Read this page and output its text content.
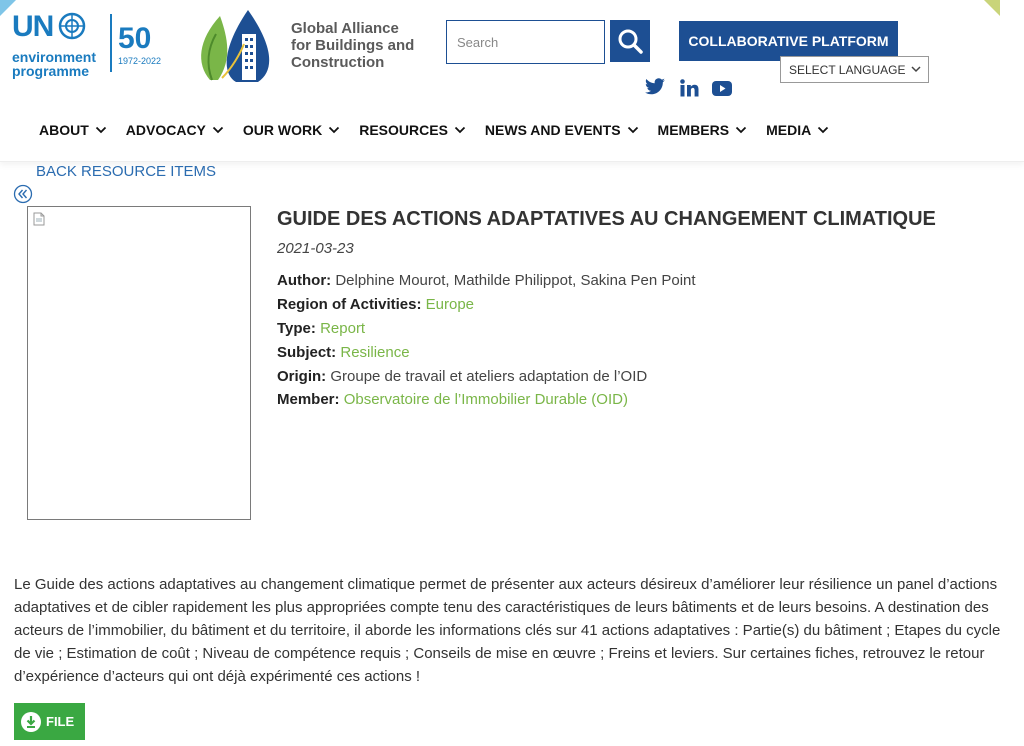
UN
environment
programme
50
1972-2022
Global Alliance
for Buildings and
Construction
Search	COLLABORATIVE PLATFORM
SELECT LANGUAGE
ABOUT	ADVOCACY	OUR WORK	RESOURCES	NEWS AND EVENTS	MEMBERS	MEDIA
BACK RESOURCE ITEMS
GUIDE DES ACTIONS ADAPTATIVES AU CHANGEMENT CLIMATIQUE
2021-03-23
Author: Delphine Mourot, Mathilde Philippot, Sakina Pen Point
Region of Activities: Europe
Type: Report
Subject: Resilience
Origin: Groupe de travail et ateliers adaptation de l’OID
Member: Observatoire de l’Immobilier Durable (OID)
Le Guide des actions adaptatives au changement climatique permet de présenter aux acteurs désireux d’améliorer leur résilience un panel d’actions adaptatives et de cibler rapidement les plus appropriées compte tenu des caractéristiques de leurs bâtiments et de leurs besoins. A destination des acteurs de l’immobilier, du bâtiment et du territoire, il aborde les informations clés sur 41 actions adaptatives : Partie(s) du bâtiment ; Etapes du cycle de vie ; Estimation de coût ; Niveau de compétence requis ; Conseils de mise en œuvre ; Freins et leviers. Sur certaines fiches, retrouvez le retour d’expérience d’acteurs qui ont déjà expérimenté ces actions !
FILE
